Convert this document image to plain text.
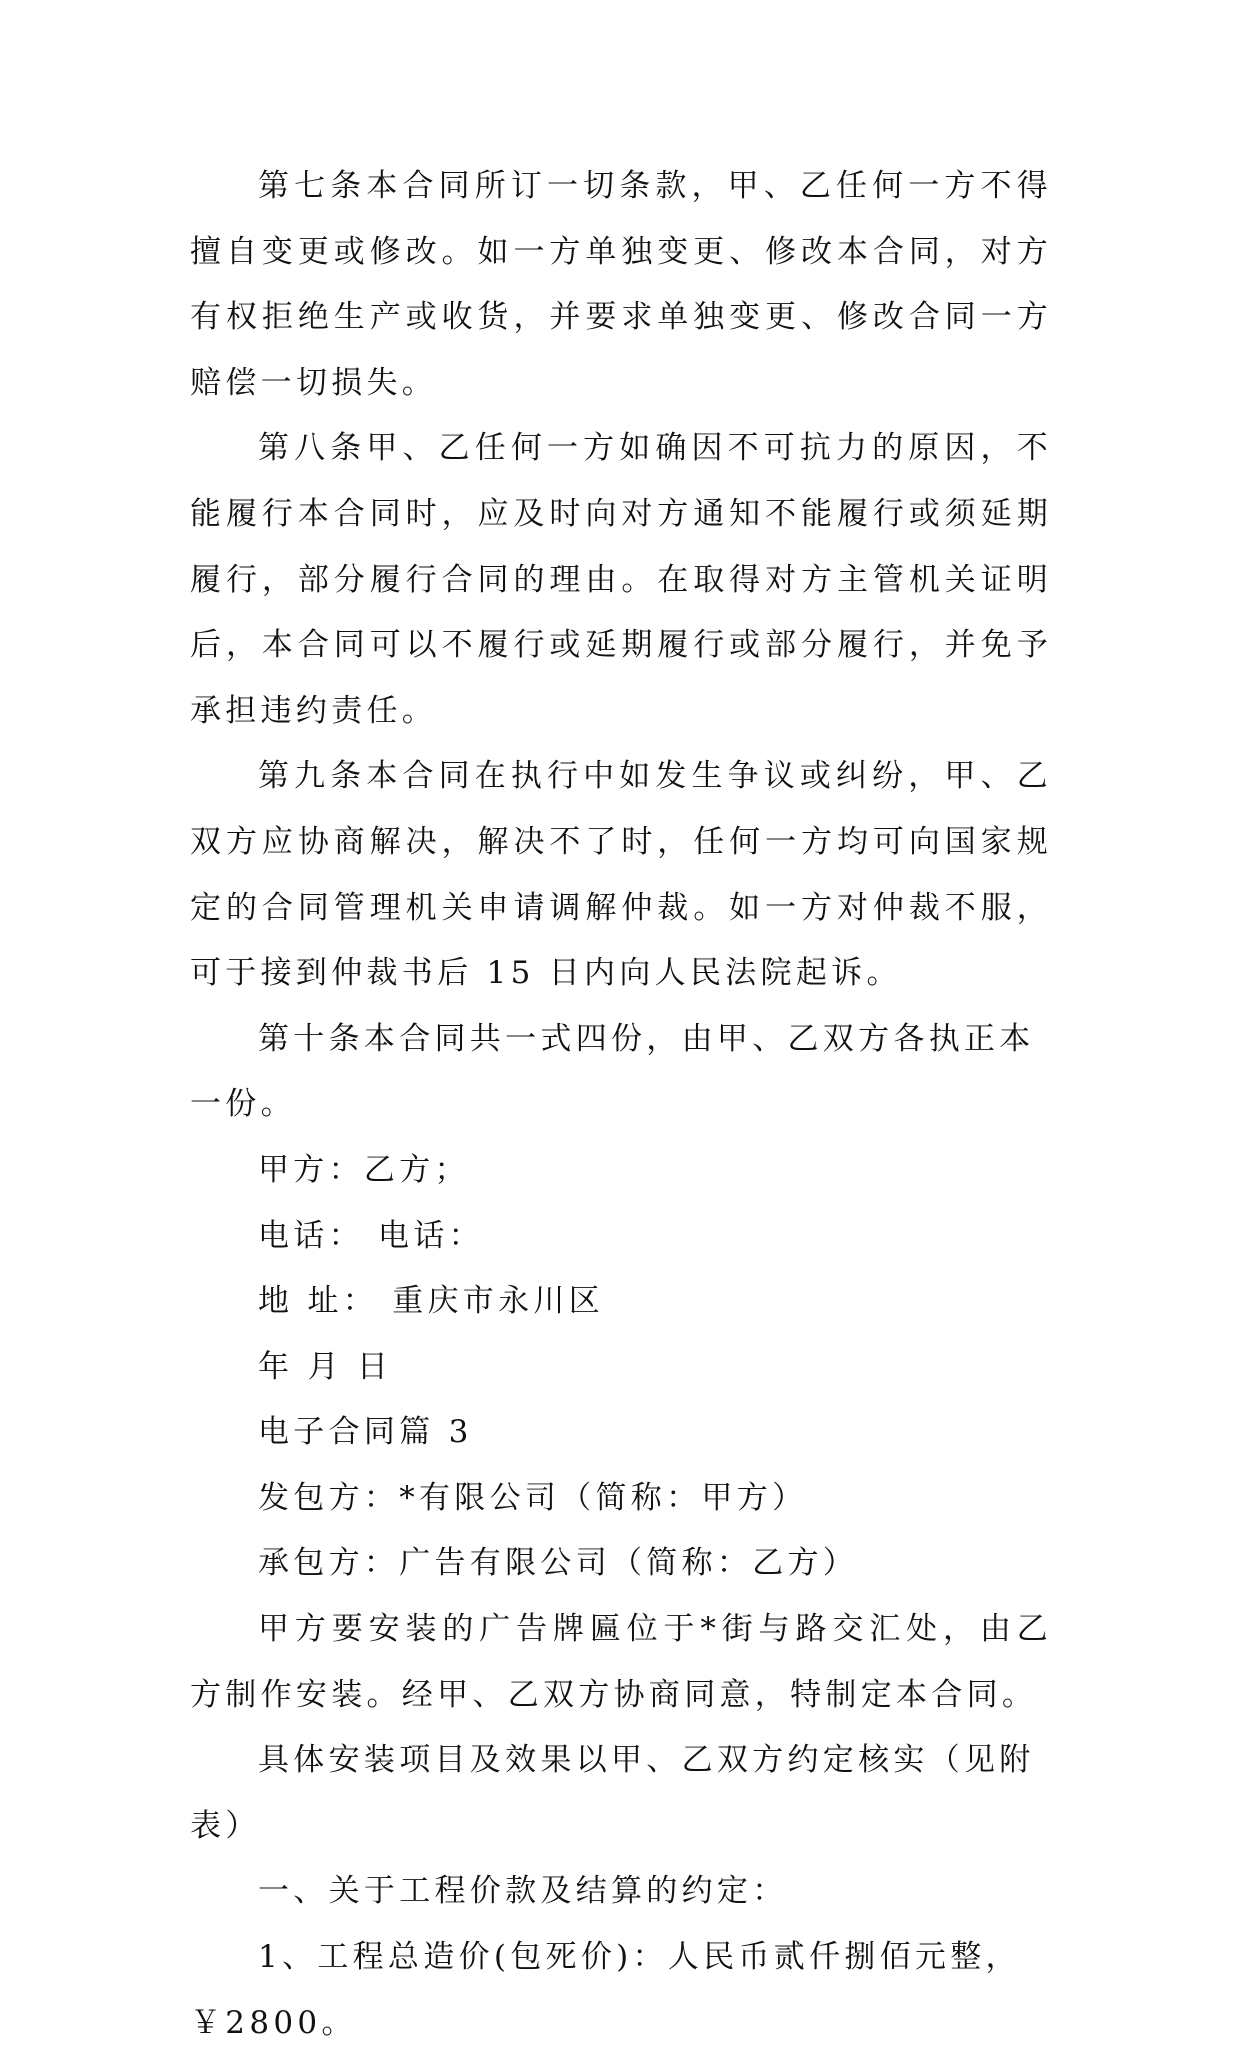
第七条本合同所订一切条款，甲、乙任何一方不得擅自变更或修改。如一方单独变更、修改本合同，对方有权拒绝生产或收货，并要求单独变更、修改合同一方赔偿一切损失。

第八条甲、乙任何一方如确因不可抗力的原因，不能履行本合同时，应及时向对方通知不能履行或须延期履行，部分履行合同的理由。在取得对方主管机关证明后，本合同可以不履行或延期履行或部分履行，并免予承担违约责任。

第九条本合同在执行中如发生争议或纠纷，甲、乙双方应协商解决，解决不了时，任何一方均可向国家规定的合同管理机关申请调解仲裁。如一方对仲裁不服，可于接到仲裁书后 15 日内向人民法院起诉。

第十条本合同共一式四份，由甲、乙双方各执正本一份。

甲方：乙方；

电话： 电话：

地 址： 重庆市永川区

年 月 日

电子合同篇 3

发包方：*有限公司（简称：甲方）

承包方：广告有限公司（简称：乙方）

甲方要安装的广告牌匾位于*街与路交汇处，由乙方制作安装。经甲、乙双方协商同意，特制定本合同。

具体安装项目及效果以甲、乙双方约定核实（见附表）

一、关于工程价款及结算的约定：

1、工程总造价(包死价)：人民币贰仟捌佰元整，￥2800。
